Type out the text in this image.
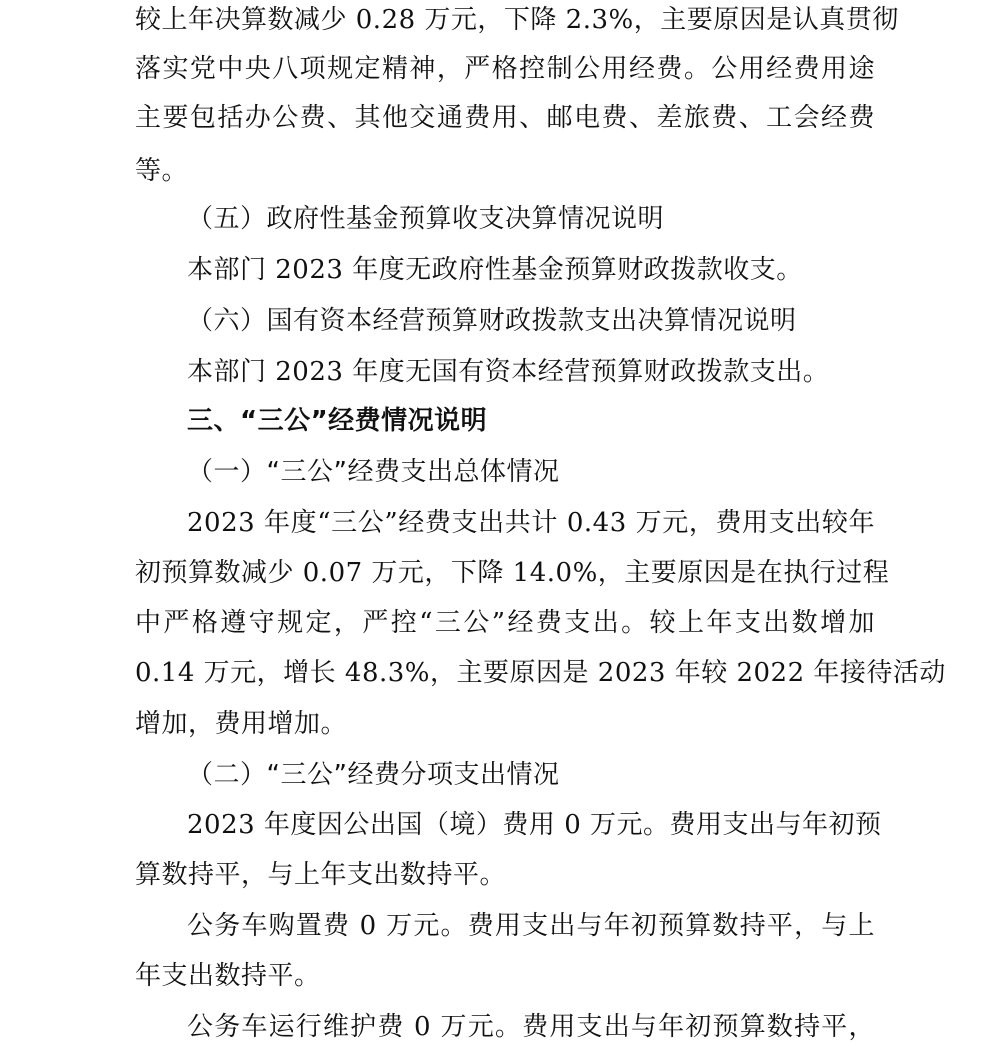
较上年决算数减少 0.28 万元，下降 2.3%，主要原因是认真贯彻
落实党中央八项规定精神，严格控制公用经费。公用经费用途
主要包括办公费、其他交通费用、邮电费、差旅费、工会经费
等。
（五）政府性基金预算收支决算情况说明
本部门 2023 年度无政府性基金预算财政拨款收支。
（六）国有资本经营预算财政拨款支出决算情况说明
本部门 2023 年度无国有资本经营预算财政拨款支出。
三、“三公”经费情况说明
（一）“三公”经费支出总体情况
2023 年度“三公”经费支出共计 0.43 万元，费用支出较年
初预算数减少 0.07 万元，下降 14.0%，主要原因是在执行过程
中严格遵守规定，严控“三公”经费支出。较上年支出数增加
0.14 万元，增长 48.3%，主要原因是 2023 年较 2022 年接待活动
增加，费用增加。
（二）“三公”经费分项支出情况
2023 年度因公出国（境）费用 0 万元。费用支出与年初预
算数持平，与上年支出数持平。
公务车购置费 0 万元。费用支出与年初预算数持平，与上
年支出数持平。
公务车运行维护费 0 万元。费用支出与年初预算数持平，
